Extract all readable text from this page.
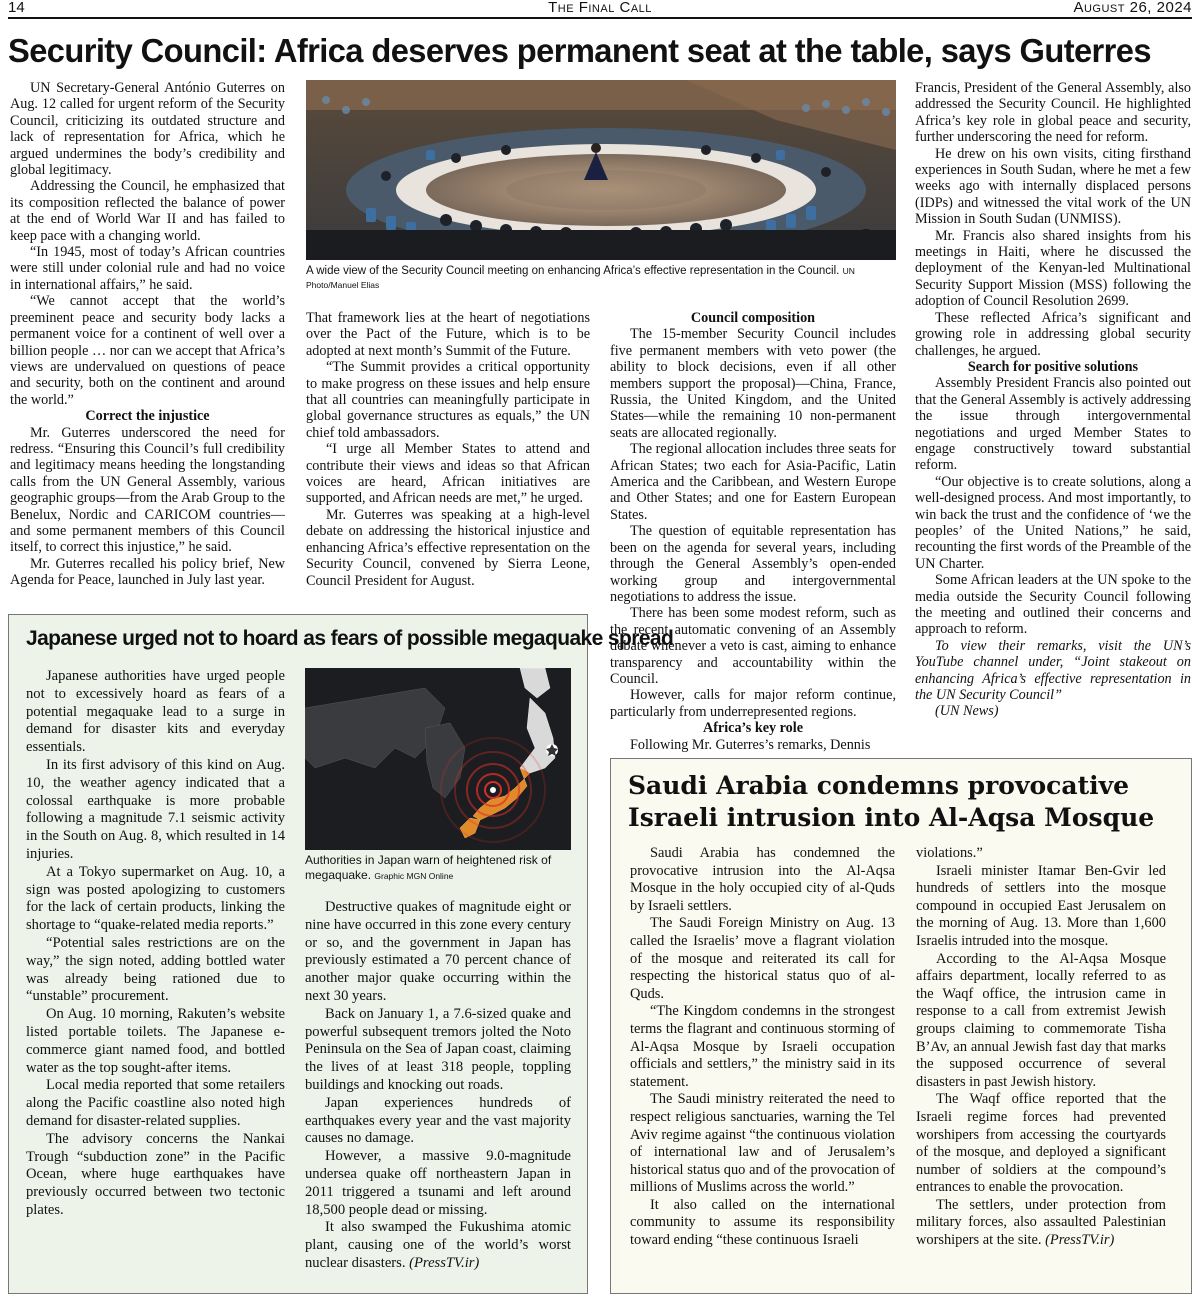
14	The Final Call	August 26, 2024
Security Council: Africa deserves permanent seat at the table, says Guterres
A wide view of the Security Council meeting on enhancing Africa’s effective representation in the Council. UN Photo/Manuel Elias

UN Secretary-General António Guterres on Aug. 12 called for urgent reform of the Security Council, criticizing its outdated structure and lack of representation for Africa, which he argued undermines the body’s credibility and global legitimacy.

Addressing the Council, he emphasized that its composition reflected the balance of power at the end of World War II and has failed to keep pace with a changing world.

“In 1945, most of today’s African countries were still under colonial rule and had no voice in international affairs,” he said.

“We cannot accept that the world’s preeminent peace and security body lacks a permanent voice for a continent of well over a billion people … nor can we accept that Africa’s views are undervalued on questions of peace and security, both on the continent and around the world.”

Correct the injustice

Mr. Guterres underscored the need for redress. “Ensuring this Council’s full credibility and legitimacy means heeding the longstanding calls from the UN General Assembly, various geographic groups—from the Arab Group to the Benelux, Nordic and CARICOM countries—and some permanent members of this Council itself, to correct this injustice,” he said.

Mr. Guterres recalled his policy brief, New Agenda for Peace, launched in July last year.

That framework lies at the heart of negotiations over the Pact of the Future, which is to be adopted at next month’s Summit of the Future.

“The Summit provides a critical opportunity to make progress on these issues and help ensure that all countries can meaningfully participate in global governance structures as equals,” the UN chief told ambassadors.

“I urge all Member States to attend and contribute their views and ideas so that African voices are heard, African initiatives are supported, and African needs are met,” he urged.

Mr. Guterres was speaking at a high-level debate on addressing the historical injustice and enhancing Africa’s effective representation on the Security Council, convened by Sierra Leone, Council President for August.

Council composition

The 15-member Security Council includes five permanent members with veto power (the ability to block decisions, even if all other members support the proposal)—China, France, Russia, the United Kingdom, and the United States—while the remaining 10 non-permanent seats are allocated regionally.

The regional allocation includes three seats for African States; two each for Asia-Pacific, Latin America and the Caribbean, and Western Europe and Other States; and one for Eastern European States.

The question of equitable representation has been on the agenda for several years, including through the General Assembly’s open-ended working group and intergovernmental negotiations to address the issue.

There has been some modest reform, such as the recent automatic convening of an Assembly debate whenever a veto is cast, aiming to enhance transparency and accountability within the Council.

However, calls for major reform continue, particularly from underrepresented regions.

Africa’s key role

Following Mr. Guterres’s remarks, Dennis

Francis, President of the General Assembly, also addressed the Security Council. He highlighted Africa’s key role in global peace and security, further underscoring the need for reform.

He drew on his own visits, citing firsthand experiences in South Sudan, where he met a few weeks ago with internally displaced persons (IDPs) and witnessed the vital work of the UN Mission in South Sudan (UNMISS).

Mr. Francis also shared insights from his meetings in Haiti, where he discussed the deployment of the Kenyan-led Multinational Security Support Mission (MSS) following the adoption of Council Resolution 2699.

These reflected Africa’s significant and growing role in addressing global security challenges, he argued.

Search for positive solutions

Assembly President Francis also pointed out that the General Assembly is actively addressing the issue through intergovernmental negotiations and urged Member States to engage constructively toward substantial reform.

“Our objective is to create solutions, along a well-designed process. And most importantly, to win back the trust and the confidence of ‘we the peoples’ of the United Nations,” he said, recounting the first words of the Preamble of the UN Charter.

Some African leaders at the UN spoke to the media outside the Security Council following the meeting and outlined their concerns and approach to reform.

To view their remarks, visit the UN’s YouTube channel under, “Joint stakeout on enhancing Africa’s effective representation in the UN Security Council”

(UN News)

Japanese urged not to hoard as fears of possible megaquake spread
Authorities in Japan warn of heightened risk of megaquake. Graphic MGN Online

Japanese authorities have urged people not to excessively hoard as fears of a potential megaquake lead to a surge in demand for disaster kits and everyday essentials.

In its first advisory of this kind on Aug. 10, the weather agency indicated that a colossal earthquake is more probable following a magnitude 7.1 seismic activity in the South on Aug. 8, which resulted in 14 injuries.

At a Tokyo supermarket on Aug. 10, a sign was posted apologizing to customers for the lack of certain products, linking the shortage to “quake-related media reports.”

“Potential sales restrictions are on the way,” the sign noted, adding bottled water was already being rationed due to “unstable” procurement.

On Aug. 10 morning, Rakuten’s website listed portable toilets. The Japanese e-commerce giant named food, and bottled water as the top sought-after items.

Local media reported that some retailers along the Pacific coastline also noted high demand for disaster-related supplies.

The advisory concerns the Nankai Trough “subduction zone” in the Pacific Ocean, where huge earthquakes have previously occurred between two tectonic plates.

Destructive quakes of magnitude eight or nine have occurred in this zone every century or so, and the government in Japan has previously estimated a 70 percent chance of another major quake occurring within the next 30 years.

Back on January 1, a 7.6-sized quake and powerful subsequent tremors jolted the Noto Peninsula on the Sea of Japan coast, claiming the lives of at least 318 people, toppling buildings and knocking out roads.

Japan experiences hundreds of earthquakes every year and the vast majority causes no damage.

However, a massive 9.0-magnitude undersea quake off northeastern Japan in 2011 triggered a tsunami and left around 18,500 people dead or missing.

It also swamped the Fukushima atomic plant, causing one of the world’s worst nuclear disasters. (PressTV.ir)

Saudi Arabia condemns provocative Israeli intrusion into Al-Aqsa Mosque

Saudi Arabia has condemned the provocative intrusion into the Al-Aqsa Mosque in the holy occupied city of al-Quds by Israeli settlers.

The Saudi Foreign Ministry on Aug. 13 called the Israelis’ move a flagrant violation of the mosque and reiterated its call for respecting the historical status quo of al-Quds.

“The Kingdom condemns in the strongest terms the flagrant and continuous storming of Al-Aqsa Mosque by Israeli occupation officials and settlers,” the ministry said in its statement.

The Saudi ministry reiterated the need to respect religious sanctuaries, warning the Tel Aviv regime against “the continuous violation of international law and of Jerusalem’s historical status quo and of the provocation of millions of Muslims across the world.”

It also called on the international community to assume its responsibility toward ending “these continuous Israeli

violations.”

Israeli minister Itamar Ben-Gvir led hundreds of settlers into the mosque compound in occupied East Jerusalem on the morning of Aug. 13. More than 1,600 Israelis intruded into the mosque.

According to the Al-Aqsa Mosque affairs department, locally referred to as the Waqf office, the intrusion came in response to a call from extremist Jewish groups claiming to commemorate Tisha B’Av, an annual Jewish fast day that marks the supposed occurrence of several disasters in past Jewish history.

The Waqf office reported that the Israeli regime forces had prevented worshipers from accessing the courtyards of the mosque, and deployed a significant number of soldiers at the compound’s entrances to enable the provocation.

The settlers, under protection from military forces, also assaulted Palestinian worshipers at the site. (PressTV.ir)
